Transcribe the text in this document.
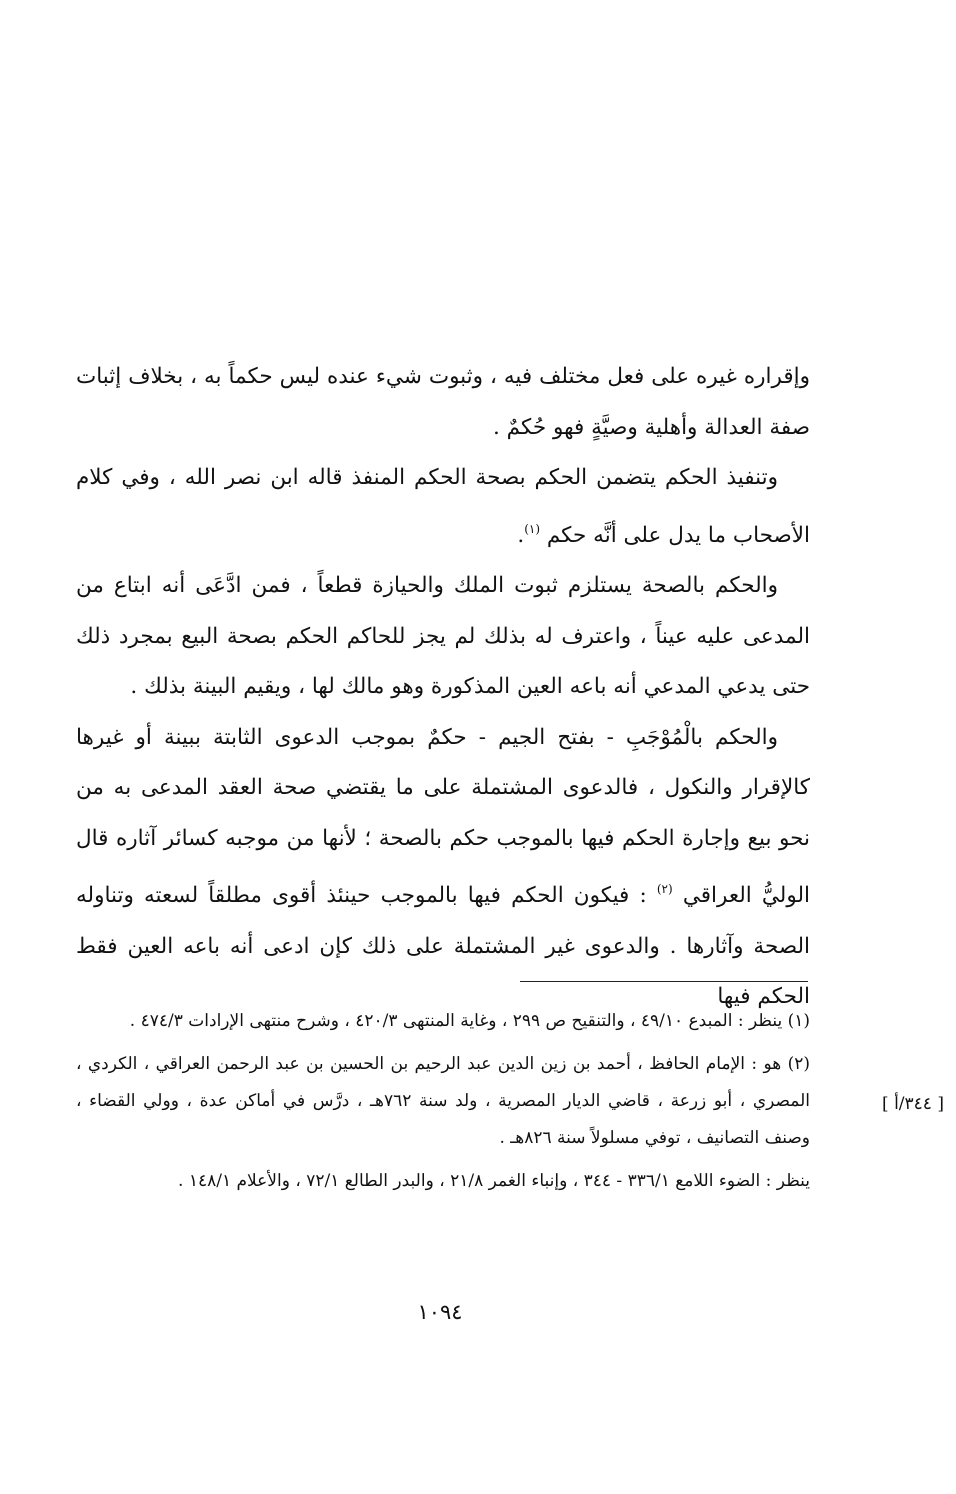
وإقراره غيره على فعل مختلف فيه ، وثبوت شيء عنده ليس حكماً به ، بخلاف إثبات صفة العدالة وأهلية وصيَّةٍ فهو حُكمٌ .

وتنفيذ الحكم يتضمن الحكم بصحة الحكم المنفذ قاله ابن نصر الله ، وفي كلام الأصحاب ما يدل على أنَّه حكم $^{(١)}$.

والحكم بالصحة يستلزم ثبوت الملك والحيازة قطعاً ، فمن ادَّعَى أنه ابتاع من المدعى عليه عيناً ، واعترف له بذلك لم يجز للحاكم الحكم بصحة البيع بمجرد ذلك حتى يدعي المدعي أنه باعه العين المذكورة وهو مالك لها ، ويقيم البينة بذلك .

والحكم بالْمُوْجَبِ - بفتح الجيم - حكمٌ بموجب الدعوى الثابتة ببينة أو غيرها كالإقرار والنكول ، فالدعوى المشتملة على ما يقتضي صحة العقد المدعى به من نحو بيع وإجارة الحكم فيها بالموجب حكم بالصحة ؛ لأنها من موجبه كسائر آثاره قال الوليُّ العراقي $^{(٢)}$ : فيكون الحكم فيها بالموجب حينئذ أقوى مطلقاً لسعته وتناوله الصحة وآثارها . والدعوى غير المشتملة على ذلك كإن ادعى أنه باعه العين فقط الحكم فيها

[ ٣٤٤/أ ]

(١) ينظر : المبدع ٤٩/١٠ ، والتنقيح ص ٢٩٩ ، وغاية المنتهى ٤٢٠/٣ ، وشرح منتهى الإرادات ٤٧٤/٣ .

(٢) هو : الإمام الحافظ ، أحمد بن زين الدين عبد الرحيم بن الحسين بن عبد الرحمن العراقي ، الكردي ، المصري ، أبو زرعة ، قاضي الديار المصرية ، ولد سنة ٧٦٢هـ ، درَّس في أماكن عدة ، وولي القضاء ، وصنف التصانيف ، توفي مسلولاً سنة ٨٢٦هـ .

ينظر : الضوء اللامع ٣٣٦/١ - ٣٤٤ ، وإنباء الغمر ٢١/٨ ، والبدر الطالع ٧٢/١ ، والأعلام ١٤٨/١ .

١٠٩٤
